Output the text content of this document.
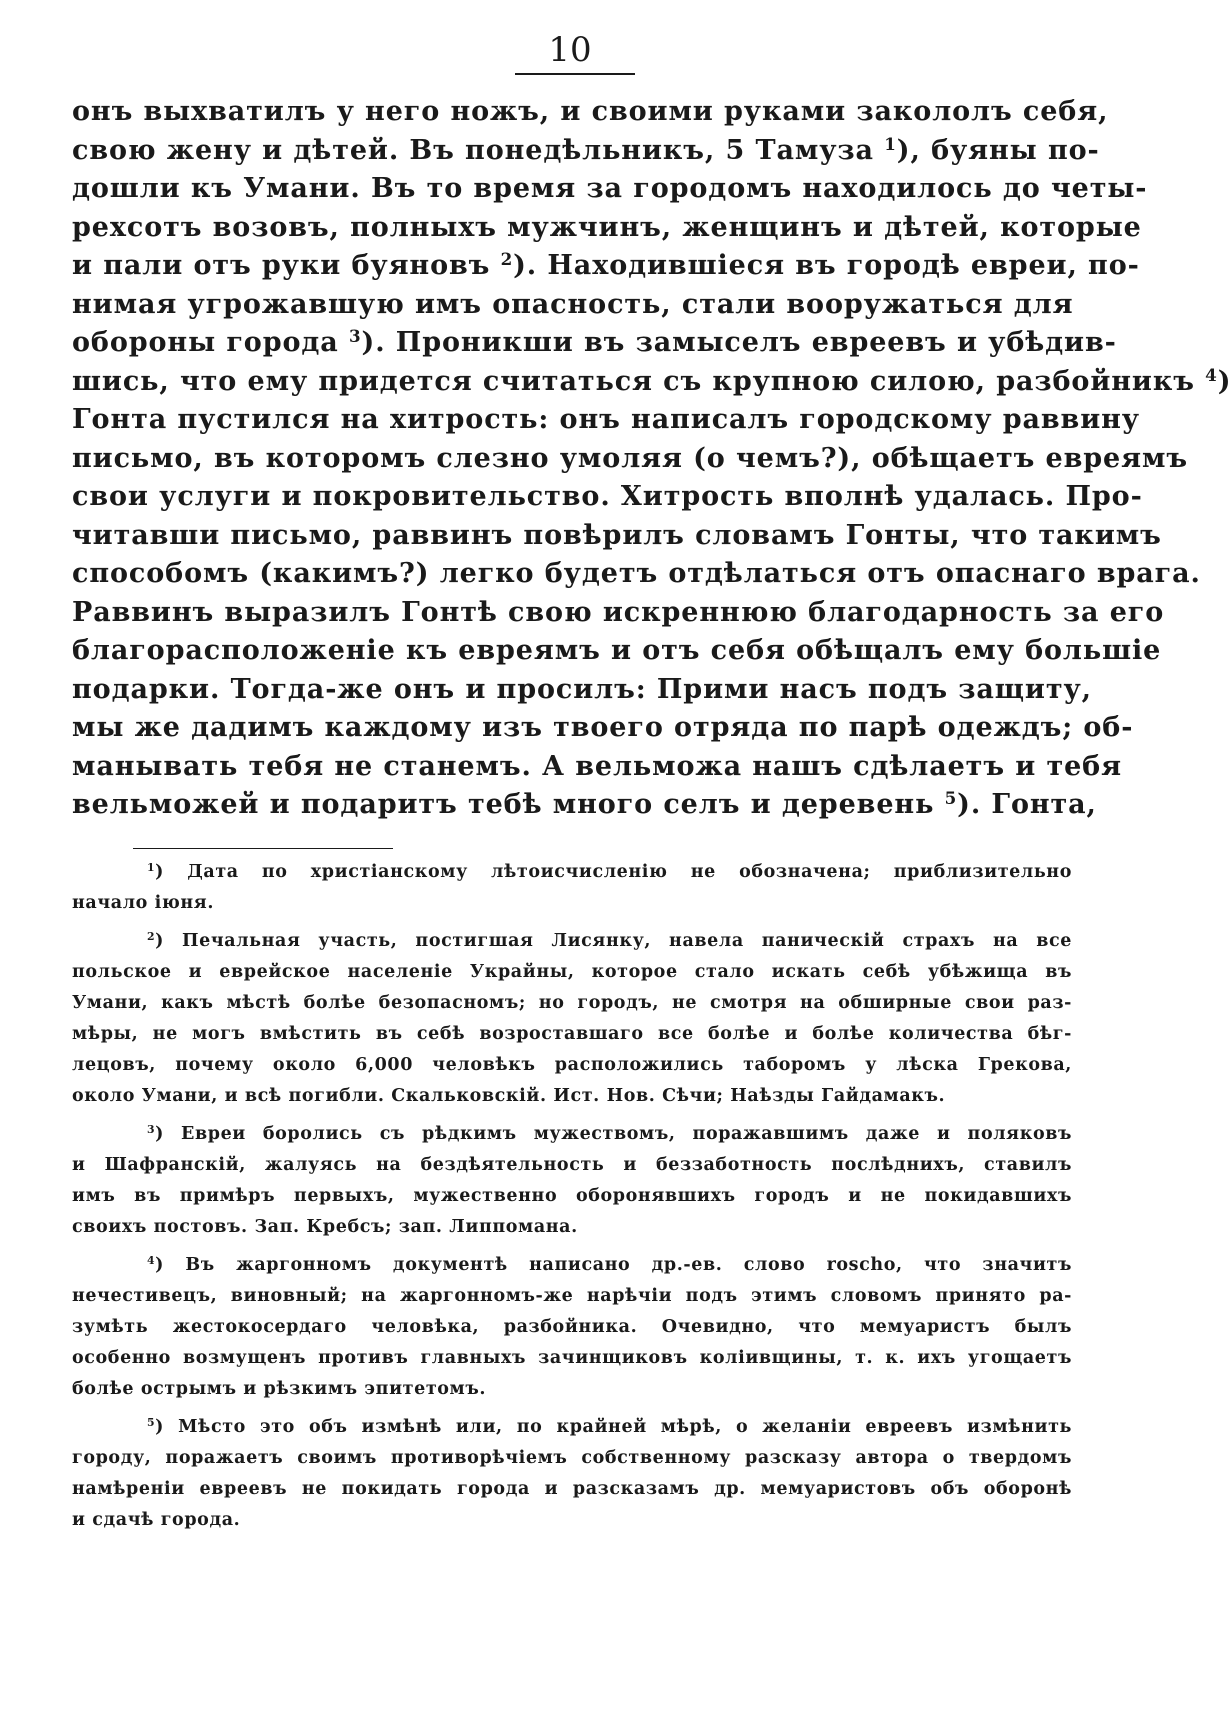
10
онъ выхватилъ у него ножъ, и своими руками закололъ себя,
свою жену и дѣтей. Въ понедѣльникъ, 5 Тамуза $^1$), буяны по-
дошли къ Умани. Въ то время за городомъ находилось до четы-
рехсотъ возовъ, полныхъ мужчинъ, женщинъ и дѣтей, которые
и пали отъ руки буяновъ $^2$). Находившіеся въ городѣ евреи, по-
нимая угрожавшую имъ опасность, стали вооружаться для
обороны города $^3$). Проникши въ замыселъ евреевъ и убѣдив-
шись, что ему придется считаться съ крупною силою, разбойникъ $^4$)
Гонта пустился на хитрость: онъ написалъ городскому раввину
письмо, въ которомъ слезно умоляя (о чемъ?), обѣщаетъ евреямъ
свои услуги и покровительство. Хитрость вполнѣ удалась. Про-
читавши письмо, раввинъ повѣрилъ словамъ Гонты, что такимъ
способомъ (какимъ?) легко будетъ отдѣлаться отъ опаснаго врага.
Раввинъ выразилъ Гонтѣ свою искреннюю благодарность за его
благорасположеніе къ евреямъ и отъ себя обѣщалъ ему большіе
подарки. Тогда-же онъ и просилъ: Прими насъ подъ защиту,
мы же дадимъ каждому изъ твоего отряда по парѣ одеждъ; об-
манывать тебя не станемъ. А вельможа нашъ сдѣлаетъ и тебя
вельможей и подаритъ тебѣ много селъ и деревень $^5$). Гонта,
$^1$) Дата по христіанскому лѣтоисчисленію не обозначена; приблизительно
начало іюня.
$^2$) Печальная участь, постигшая Лисянку, навела паническій страхъ на все
польское и еврейское населеніе Украйны, которое стало искать себѣ убѣжища въ
Умани, какъ мѣстѣ болѣе безопасномъ; но городъ, не смотря на обширные свои раз-
мѣры, не могъ вмѣстить въ себѣ возроставшаго все болѣе и болѣе количества бѣг-
лецовъ, почему около 6,000 человѣкъ расположились таборомъ у лѣска Грекова,
около Умани, и всѣ погибли. Скальковскій. Ист. Нов. Сѣчи; Наѣзды Гайдамакъ.
$^3$) Евреи боролись съ рѣдкимъ мужествомъ, поражавшимъ даже и поляковъ
и Шафранскій, жалуясь на бездѣятельность и беззаботность послѣднихъ, ставилъ
имъ въ примѣръ первыхъ, мужественно оборонявшихъ городъ и не покидавшихъ
своихъ постовъ. Зап. Кребсъ; зап. Липпомана.
$^4$) Въ жаргонномъ документѣ написано др.-ев. слово roscho, что значитъ
нечестивецъ, виновный; на жаргонномъ-же нарѣчіи подъ этимъ словомъ принято ра-
зумѣть жестокосердаго человѣка, разбойника. Очевидно, что мемуаристъ былъ
особенно возмущенъ противъ главныхъ зачинщиковъ коліивщины, т. к. ихъ угощаетъ
болѣе острымъ и рѣзкимъ эпитетомъ.
$^5$) Мѣсто это объ измѣнѣ или, по крайней мѣрѣ, о желаніи евреевъ измѣнить
городу, поражаетъ своимъ противорѣчіемъ собственному разсказу автора о твердомъ
намѣреніи евреевъ не покидать города и разсказамъ др. мемуаристовъ объ оборонѣ
и сдачѣ города.
